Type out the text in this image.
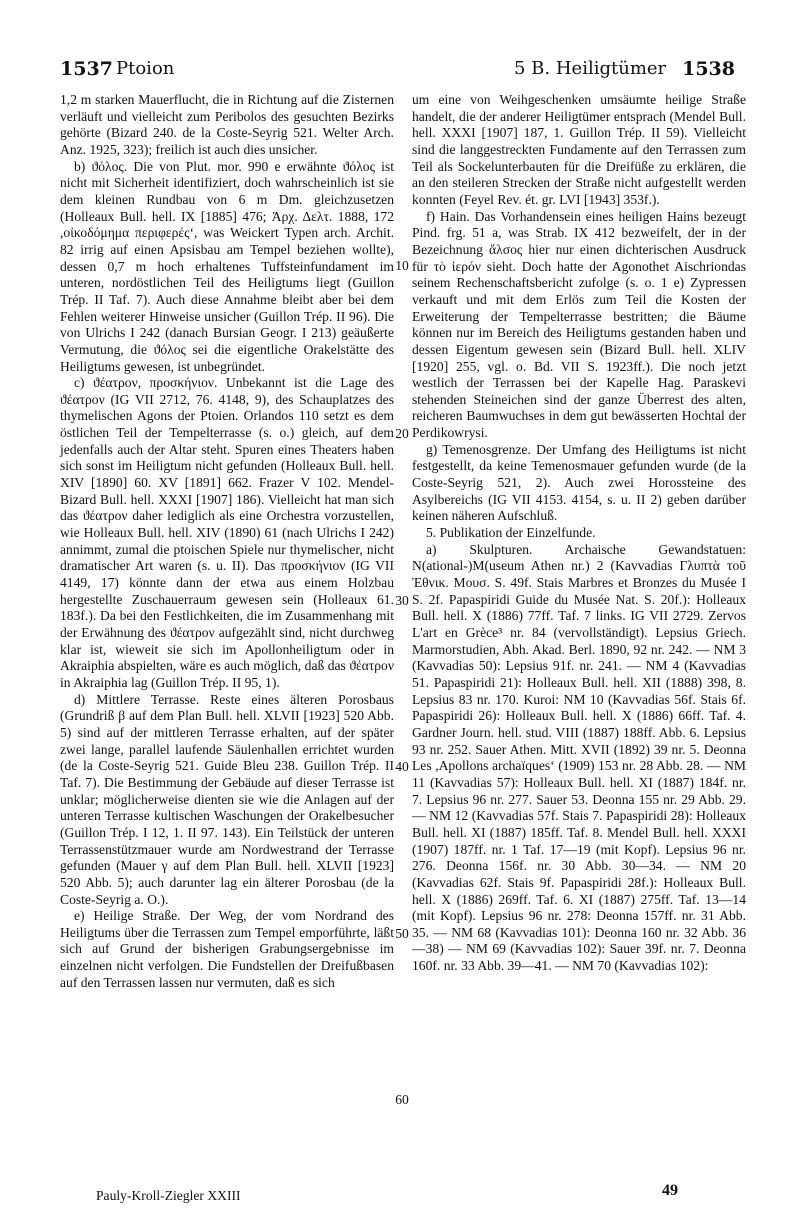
1537 Ptoion	5 B. Heiligtümer 1538

1,2 m starken Mauerflucht, die in Richtung auf die Zisternen verläuft und vielleicht zum Peribolos des gesuchten Bezirks gehörte (Bizard 240. de la Coste-Seyrig 521. Welter Arch. Anz. 1925, 323); freilich ist auch dies unsicher.

b) ϑόλος. Die von Plut. mor. 990 e erwähnte ϑόλος ist nicht mit Sicherheit identifiziert, doch wahrscheinlich ist sie dem kleinen Rundbau von 6 m Dm. gleichzusetzen (Holleaux Bull. hell. IX [1885] 476; Ἀρχ. Δελτ. 1888, 172 ,οἰκοδόμημα περιφερές‘, was Weickert Typen arch. Archit. 82 irrig auf einen Apsisbau am Tempel beziehen wollte), dessen 0,7 m hoch erhaltenes Tuffsteinfundament im unteren, nordöstlichen Teil des Heiligtums liegt (Guillon Trép. II Taf. 7). Auch diese Annahme bleibt aber bei dem Fehlen weiterer Hinweise unsicher (Guillon Trép. II 96). Die von Ulrichs I 242 (danach Bursian Geogr. I 213) geäußerte Vermutung, die ϑόλος sei die eigentliche Orakelstätte des Heiligtums gewesen, ist unbegründet.

c) ϑέατρον, προσκήνιον. Unbekannt ist die Lage des ϑέατρον (IG VII 2712, 76. 4148, 9), des Schauplatzes des thymelischen Agons der Ptoien. Orlandos 110 setzt es dem östlichen Teil der Tempelterrasse (s. o.) gleich, auf dem jedenfalls auch der Altar steht. Spuren eines Theaters haben sich sonst im Heiligtum nicht gefunden (Holleaux Bull. hell. XIV [1890] 60. XV [1891] 662. Frazer V 102. Mendel-Bizard Bull. hell. XXXI [1907] 186). Vielleicht hat man sich das ϑέατρον daher lediglich als eine Orchestra vorzustellen, wie Holleaux Bull. hell. XIV (1890) 61 (nach Ulrichs I 242) annimmt, zumal die ptoischen Spiele nur thymelischer, nicht dramatischer Art waren (s. u. II). Das προσκήνιον (IG VII 4149, 17) könnte dann der etwa aus einem Holzbau hergestellte Zuschauerraum gewesen sein (Holleaux 61. 183f.). Da bei den Festlichkeiten, die im Zusammenhang mit der Erwähnung des ϑέατρον aufgezählt sind, nicht durchweg klar ist, wieweit sie sich im Apollonheiligtum oder in Akraiphia abspielten, wäre es auch möglich, daß das ϑέατρον in Akraiphia lag (Guillon Trép. II 95, 1).

d) Mittlere Terrasse. Reste eines älteren Porosbaus (Grundriß β auf dem Plan Bull. hell. XLVII [1923] 520 Abb. 5) sind auf der mittleren Terrasse erhalten, auf der später zwei lange, parallel laufende Säulenhallen errichtet wurden (de la Coste-Seyrig 521. Guide Bleu 238. Guillon Trép. II Taf. 7). Die Bestimmung der Gebäude auf dieser Terrasse ist unklar; möglicherweise dienten sie wie die Anlagen auf der unteren Terrasse kultischen Waschungen der Orakelbesucher (Guillon Trép. I 12, 1. II 97. 143). Ein Teilstück der unteren Terrassenstützmauer wurde am Nordwestrand der Terrasse gefunden (Mauer γ auf dem Plan Bull. hell. XLVII [1923] 520 Abb. 5); auch darunter lag ein älterer Porosbau (de la Coste-Seyrig a. O.).

e) Heilige Straße. Der Weg, der vom Nordrand des Heiligtums über die Terrassen zum Tempel emporführte, läßt sich auf Grund der bisherigen Grabungsergebnisse im einzelnen nicht verfolgen. Die Fundstellen der Dreifußbasen auf den Terrassen lassen nur vermuten, daß es sich

10
20
30
40
50
60

um eine von Weihgeschenken umsäumte heilige Straße handelt, die der anderer Heiligtümer entsprach (Mendel Bull. hell. XXXI [1907] 187, 1. Guillon Trép. II 59). Vielleicht sind die langgestreckten Fundamente auf den Terrassen zum Teil als Sockelunterbauten für die Dreifüße zu erklären, die an den steileren Strecken der Straße nicht aufgestellt werden konnten (Feyel Rev. ét. gr. LVI [1943] 353f.).

f) Hain. Das Vorhandensein eines heiligen Hains bezeugt Pind. frg. 51 a, was Strab. IX 412 bezweifelt, der in der Bezeichnung ἄλσος hier nur einen dichterischen Ausdruck für τὸ ἱερόν sieht. Doch hatte der Agonothet Aischriondas seinem Rechenschaftsbericht zufolge (s. o. 1 e) Zypressen verkauft und mit dem Erlös zum Teil die Kosten der Erweiterung der Tempelterrasse bestritten; die Bäume können nur im Bereich des Heiligtums gestanden haben und dessen Eigentum gewesen sein (Bizard Bull. hell. XLIV [1920] 255, vgl. o. Bd. VII S. 1923ff.). Die noch jetzt westlich der Terrassen bei der Kapelle Hag. Paraskevi stehenden Steineichen sind der ganze Überrest des alten, reicheren Baumwuchses in dem gut bewässerten Hochtal der Perdikowrysi.

g) Temenosgrenze. Der Umfang des Heiligtums ist nicht festgestellt, da keine Temenosmauer gefunden wurde (de la Coste-Seyrig 521, 2). Auch zwei Horossteine des Asylbereichs (IG VII 4153. 4154, s. u. II 2) geben darüber keinen näheren Aufschluß.

5. Publikation der Einzelfunde.

a) Skulpturen. Archaische Gewandstatuen: N(ational-)M(useum Athen nr.) 2 (Kavvadias Γλυπτὰ τοῦ Ἐθνικ. Μουσ. S. 49f. Stais Marbres et Bronzes du Musée I S. 2f. Papaspiridi Guide du Musée Nat. S. 20f.): Holleaux Bull. hell. X (1886) 77ff. Taf. 7 links. IG VII 2729. Zervos L'art en Grèce³ nr. 84 (vervollständigt). Lepsius Griech. Marmorstudien, Abh. Akad. Berl. 1890, 92 nr. 242. — NM 3 (Kavvadias 50): Lepsius 91f. nr. 241. — NM 4 (Kavvadias 51. Papaspiridi 21): Holleaux Bull. hell. XII (1888) 398, 8. Lepsius 83 nr. 170. Kuroi: NM 10 (Kavvadias 56f. Stais 6f. Papaspiridi 26): Holleaux Bull. hell. X (1886) 66ff. Taf. 4. Gardner Journ. hell. stud. VIII (1887) 188ff. Abb. 6. Lepsius 93 nr. 252. Sauer Athen. Mitt. XVII (1892) 39 nr. 5. Deonna Les ,Apollons archaïques‘ (1909) 153 nr. 28 Abb. 28. — NM 11 (Kavvadias 57): Holleaux Bull. hell. XI (1887) 184f. nr. 7. Lepsius 96 nr. 277. Sauer 53. Deonna 155 nr. 29 Abb. 29. — NM 12 (Kavvadias 57f. Stais 7. Papaspiridi 28): Holleaux Bull. hell. XI (1887) 185ff. Taf. 8. Mendel Bull. hell. XXXI (1907) 187ff. nr. 1 Taf. 17—19 (mit Kopf). Lepsius 96 nr. 276. Deonna 156f. nr. 30 Abb. 30—34. — NM 20 (Kavvadias 62f. Stais 9f. Papaspiridi 28f.): Holleaux Bull. hell. X (1886) 269ff. Taf. 6. XI (1887) 275ff. Taf. 13—14 (mit Kopf). Lepsius 96 nr. 278: Deonna 157ff. nr. 31 Abb. 35. — NM 68 (Kavvadias 101): Deonna 160 nr. 32 Abb. 36—38) — NM 69 (Kavvadias 102): Sauer 39f. nr. 7. Deonna 160f. nr. 33 Abb. 39—41. — NM 70 (Kavvadias 102):

Pauly-Kroll-Ziegler XXIII	49
